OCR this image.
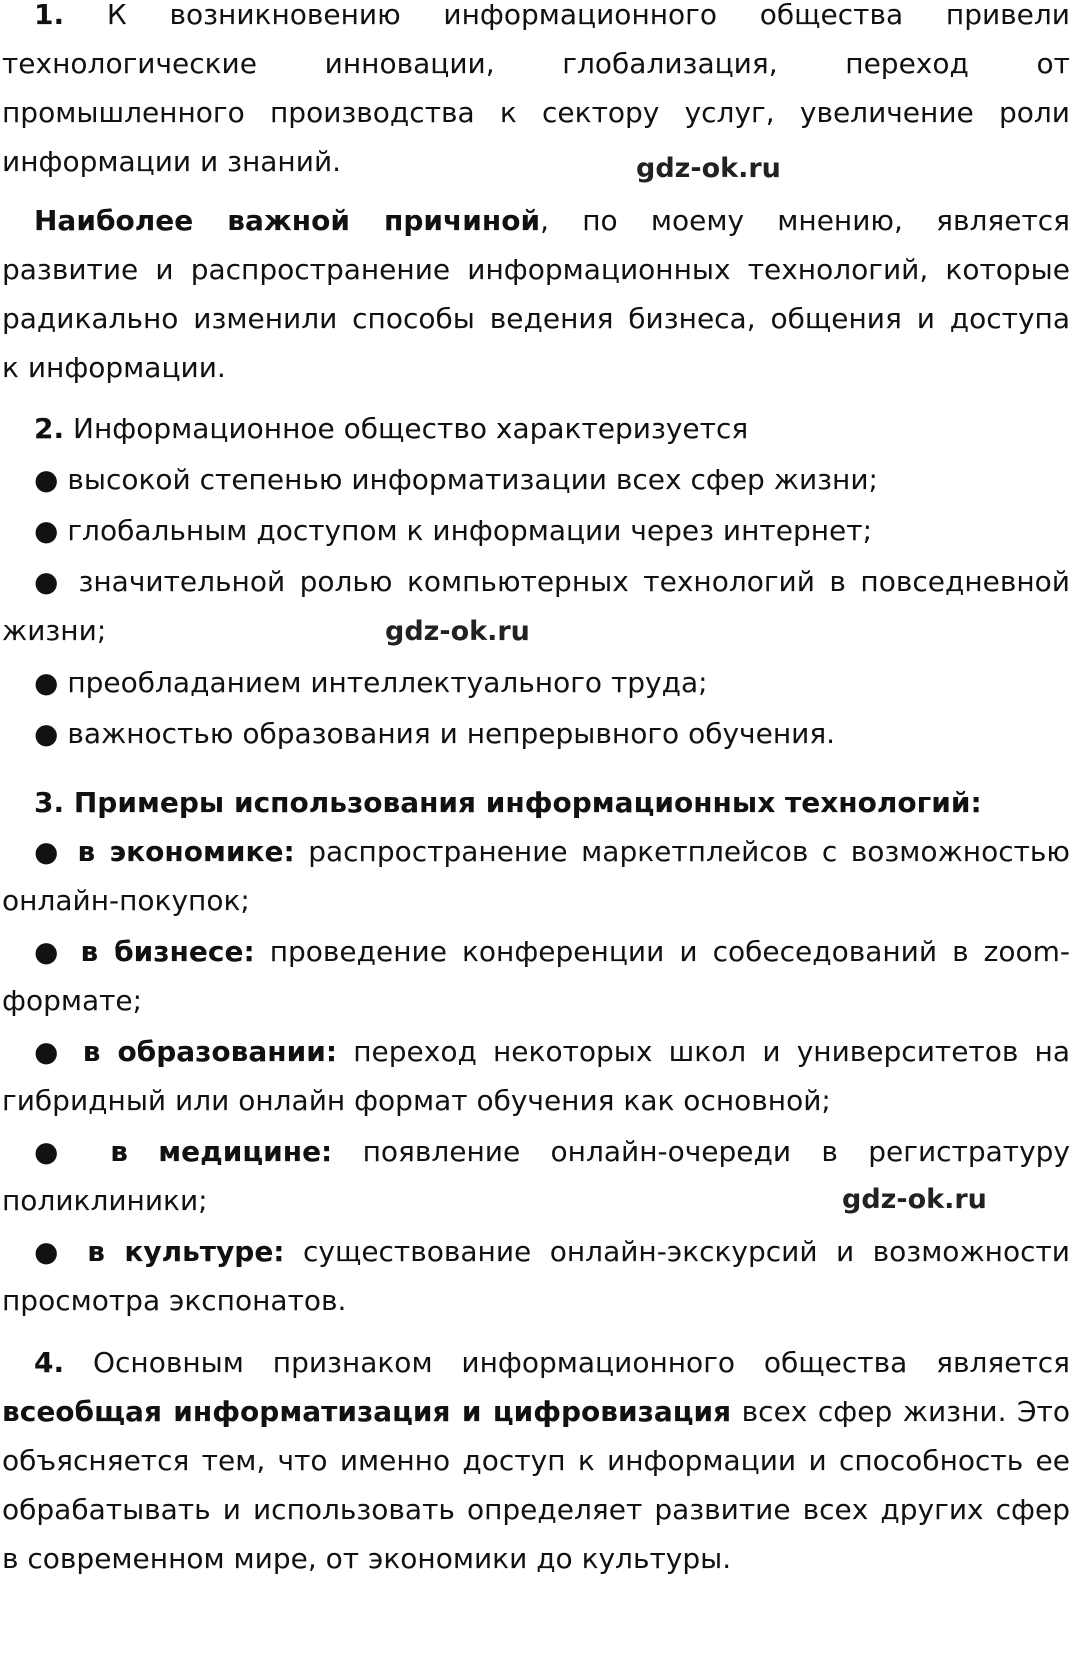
1. К возникновению информационного общества привели
технологические инновации, глобализация, переход от
промышленного производства к сектору услуг, увеличение роли
информации и знаний.	gdz-ok.ru
Наиболее важной причиной, по моему мнению, является
развитие и распространение информационных технологий, которые
радикально изменили способы ведения бизнеса, общения и доступа
к информации.
2. Информационное общество характеризуется
● высокой степенью информатизации всех сфер жизни;
● глобальным доступом к информации через интернет;
● значительной ролью компьютерных технологий в повседневной
жизни;	gdz-ok.ru
● преобладанием интеллектуального труда;
● важностью образования и непрерывного обучения.
3. Примеры использования информационных технологий:
● в экономике: распространение маркетплейсов с возможностью
онлайн-покупок;
● в бизнесе: проведение конференции и собеседований в zoom-
формате;
● в образовании: переход некоторых школ и университетов на
гибридный или онлайн формат обучения как основной;
● в медицине: появление онлайн-очереди в регистратуру
поликлиники;	gdz-ok.ru
● в культуре: существование онлайн-экскурсий и возможности
просмотра экспонатов.
4. Основным признаком информационного общества является
всеобщая информатизация и цифровизация всех сфер жизни. Это
объясняется тем, что именно доступ к информации и способность ее
обрабатывать и использовать определяет развитие всех других сфер
в современном мире, от экономики до культуры.
